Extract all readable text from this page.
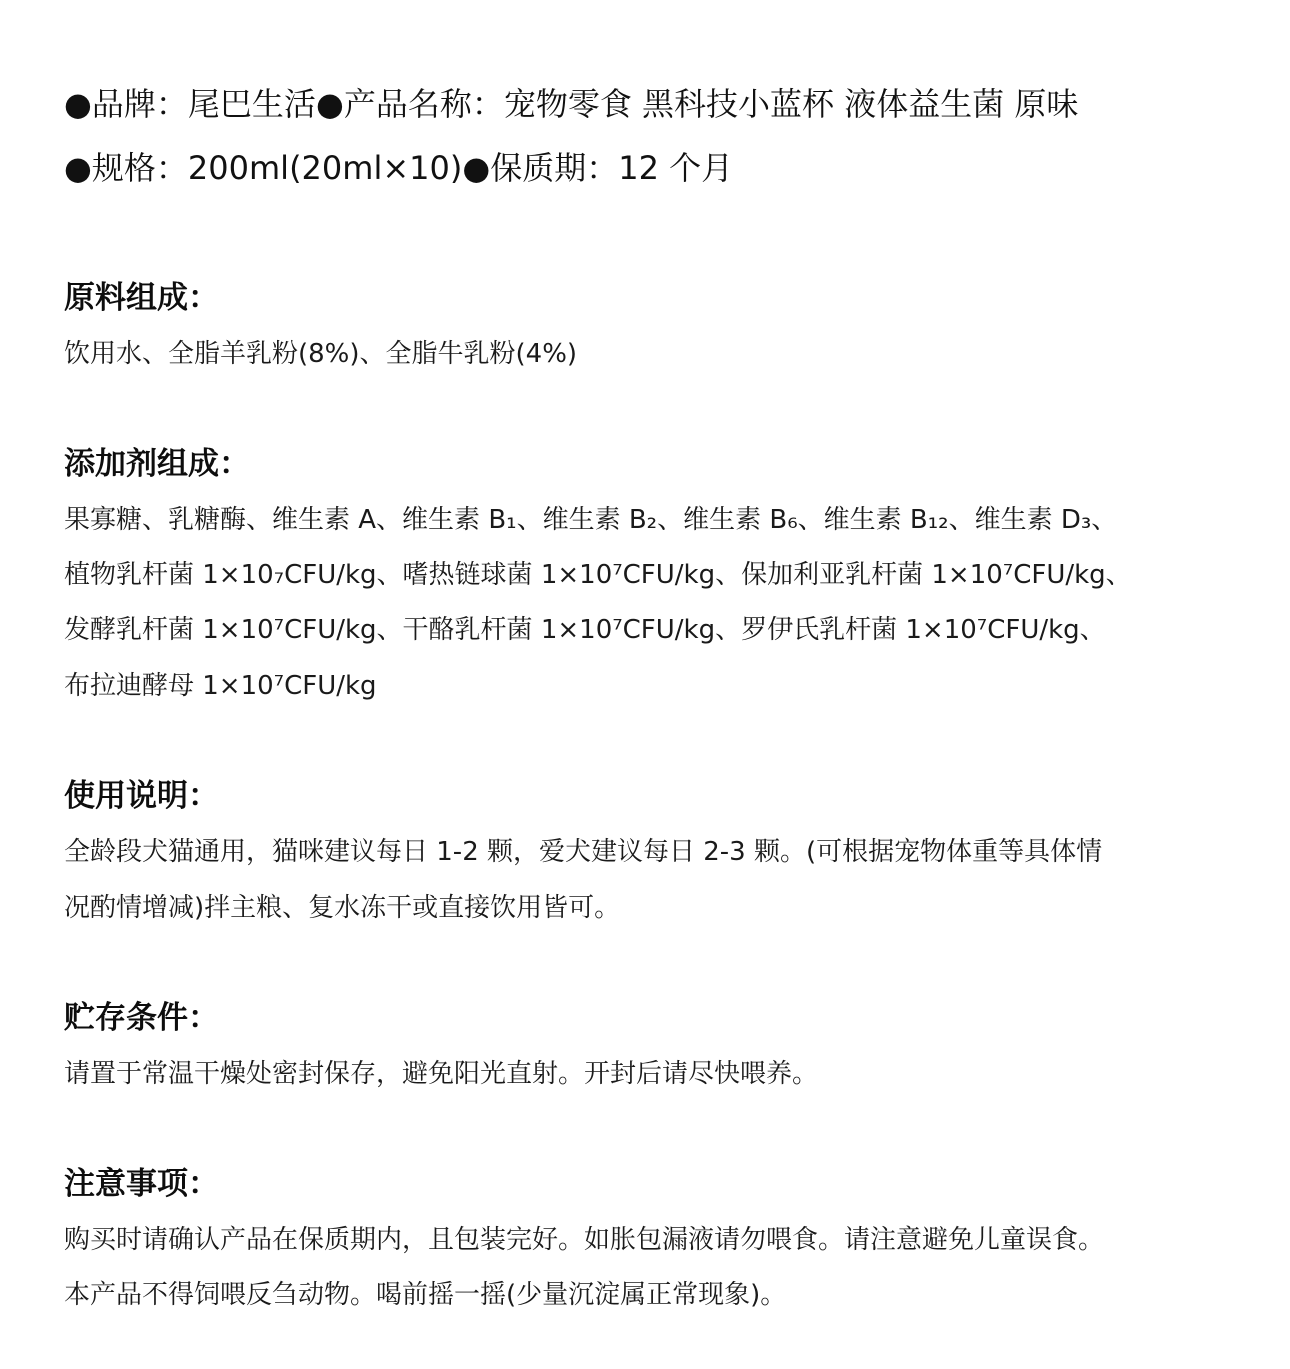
●品牌：尾巴生活●产品名称：宠物零食 黑科技小蓝杯 液体益生菌 原味
●规格：200ml(20ml×10)●保质期：12 个月
原料组成：
饮用水、全脂羊乳粉(8%)、全脂牛乳粉(4%)
添加剂组成：
果寡糖、乳糖酶、维生素 A、维生素 B₁、维生素 B₂、维生素 B₆、维生素 B₁₂、维生素 D₃、
植物乳杆菌 1×10₇CFU/kg、嗜热链球菌 1×10⁷CFU/kg、保加利亚乳杆菌 1×10⁷CFU/kg、
发酵乳杆菌 1×10⁷CFU/kg、干酪乳杆菌 1×10⁷CFU/kg、罗伊氏乳杆菌 1×10⁷CFU/kg、
布拉迪酵母 1×10⁷CFU/kg
使用说明：
全龄段犬猫通用，猫咪建议每日 1-2 颗，爱犬建议每日 2-3 颗。(可根据宠物体重等具体情
况酌情增减)拌主粮、复水冻干或直接饮用皆可。
贮存条件：
请置于常温干燥处密封保存，避免阳光直射。开封后请尽快喂养。
注意事项：
购买时请确认产品在保质期内，且包装完好。如胀包漏液请勿喂食。请注意避免儿童误食。
本产品不得饲喂反刍动物。喝前摇一摇(少量沉淀属正常现象)。
